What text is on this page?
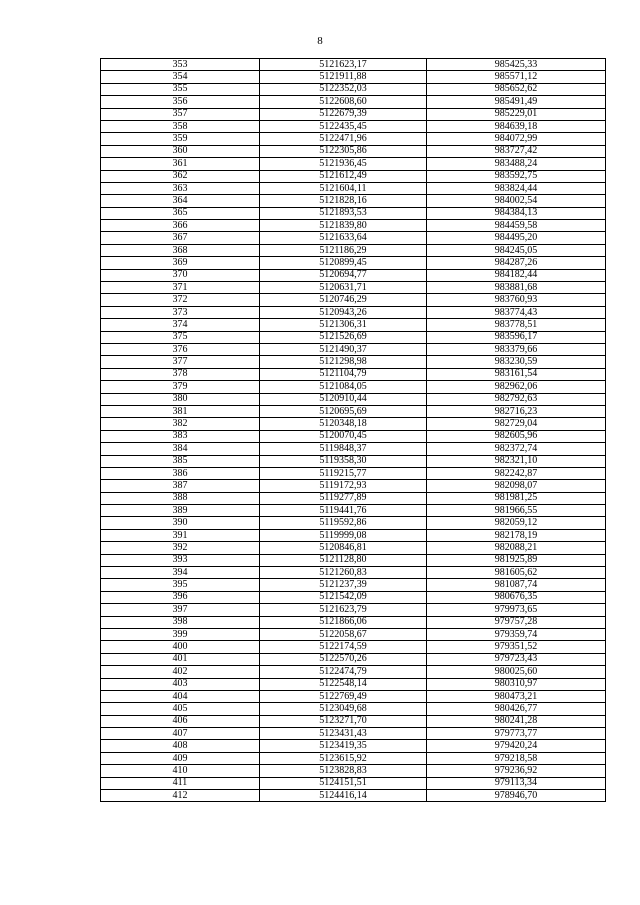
8
353	5121623,17	985425,33
354	5121911,88	985571,12
355	5122352,03	985652,62
356	5122608,60	985491,49
357	5122679,39	985229,01
358	5122435,45	984639,18
359	5122471,96	984072,99
360	5122305,86	983727,42
361	5121936,45	983488,24
362	5121612,49	983592,75
363	5121604,11	983824,44
364	5121828,16	984002,54
365	5121893,53	984384,13
366	5121839,80	984459,58
367	5121633,64	984495,20
368	5121186,29	984245,05
369	5120899,45	984287,26
370	5120694,77	984182,44
371	5120631,71	983881,68
372	5120746,29	983760,93
373	5120943,26	983774,43
374	5121306,31	983778,51
375	5121526,69	983596,17
376	5121490,37	983379,66
377	5121298,98	983230,59
378	5121104,79	983161,54
379	5121084,05	982962,06
380	5120910,44	982792,63
381	5120695,69	982716,23
382	5120348,18	982729,04
383	5120070,45	982605,96
384	5119848,37	982372,74
385	5119358,30	982321,10
386	5119215,77	982242,87
387	5119172,93	982098,07
388	5119277,89	981981,25
389	5119441,76	981966,55
390	5119592,86	982059,12
391	5119999,08	982178,19
392	5120846,81	982088,21
393	5121128,80	981925,89
394	5121260,83	981605,62
395	5121237,39	981087,74
396	5121542,09	980676,35
397	5121623,79	979973,65
398	5121866,06	979757,28
399	5122058,67	979359,74
400	5122174,59	979351,52
401	5122570,26	979723,43
402	5122474,79	980025,60
403	5122548,14	980310,97
404	5122769,49	980473,21
405	5123049,68	980426,77
406	5123271,70	980241,28
407	5123431,43	979773,77
408	5123419,35	979420,24
409	5123615,92	979218,58
410	5123828,83	979236,92
411	5124151,51	979113,34
412	5124416,14	978946,70
